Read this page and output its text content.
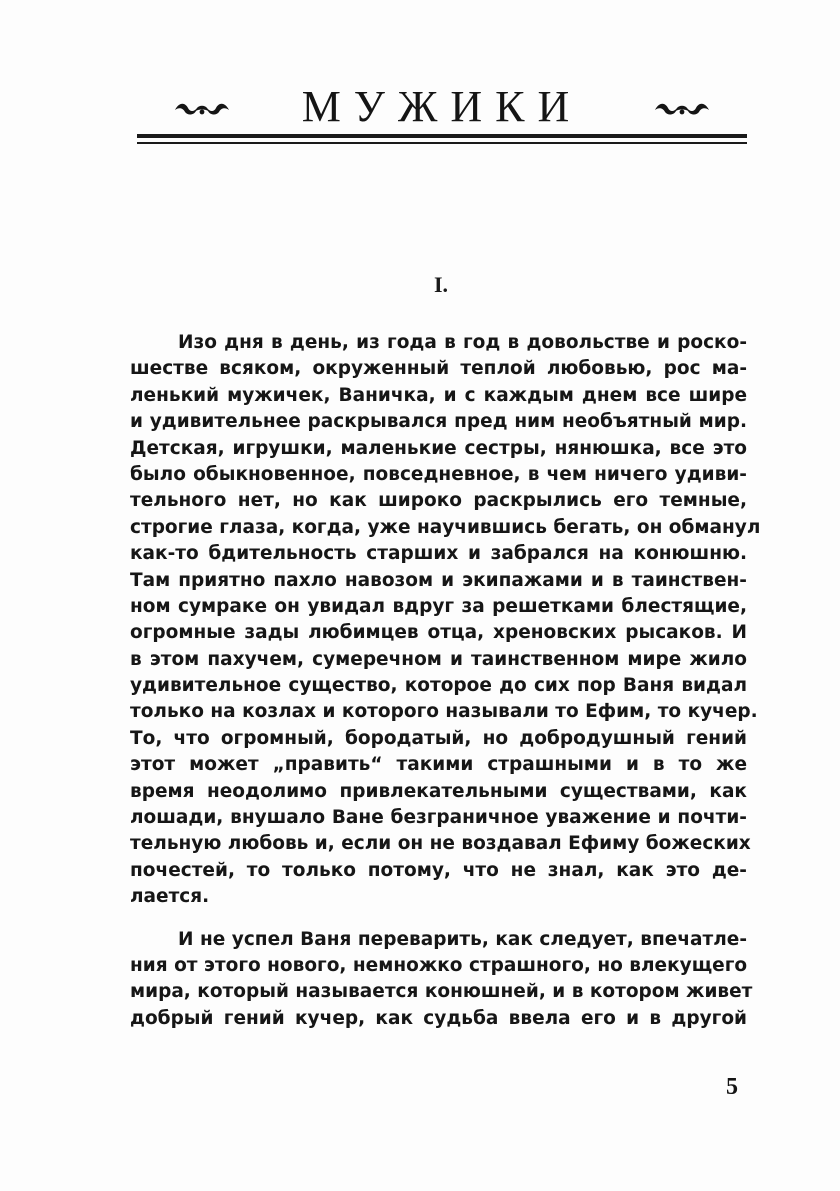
МУЖИКИ
I.
Изо дня в день, из года в год в довольстве и роско-
шестве всяком, окруженный теплой любовью, рос ма-
ленький мужичек, Ваничка, и с каждым днем все шире
и удивительнее раскрывался пред ним необъятный мир.
Детская, игрушки, маленькие сестры, нянюшка, все это
было обыкновенное, повседневное, в чем ничего удиви-
тельного нет, но как широко раскрылись его темные,
строгие глаза, когда, уже научившись бегать, он обманул
как-то бдительность старших и забрался на конюшню.
Там приятно пахло навозом и экипажами и в таинствен-
ном сумраке он увидал вдруг за решетками блестящие,
огромные зады любимцев отца, хреновских рысаков. И
в этом пахучем, сумеречном и таинственном мире жило
удивительное существо, которое до сих пор Ваня видал
только на козлах и которого называли то Ефим, то кучер.
То, что огромный, бородатый, но добродушный гений
этот может „править“ такими страшными и в то же
время неодолимо привлекательными существами, как
лошади, внушало Ване безграничное уважение и почти-
тельную любовь и, если он не воздавал Ефиму божеских
почестей, то только потому, что не знал, как это де-
лается.
И не успел Ваня переварить, как следует, впечатле-
ния от этого нового, немножко страшного, но влекущего
мира, который называется конюшней, и в котором живет
добрый гений кучер, как судьба ввела его и в другой
5
